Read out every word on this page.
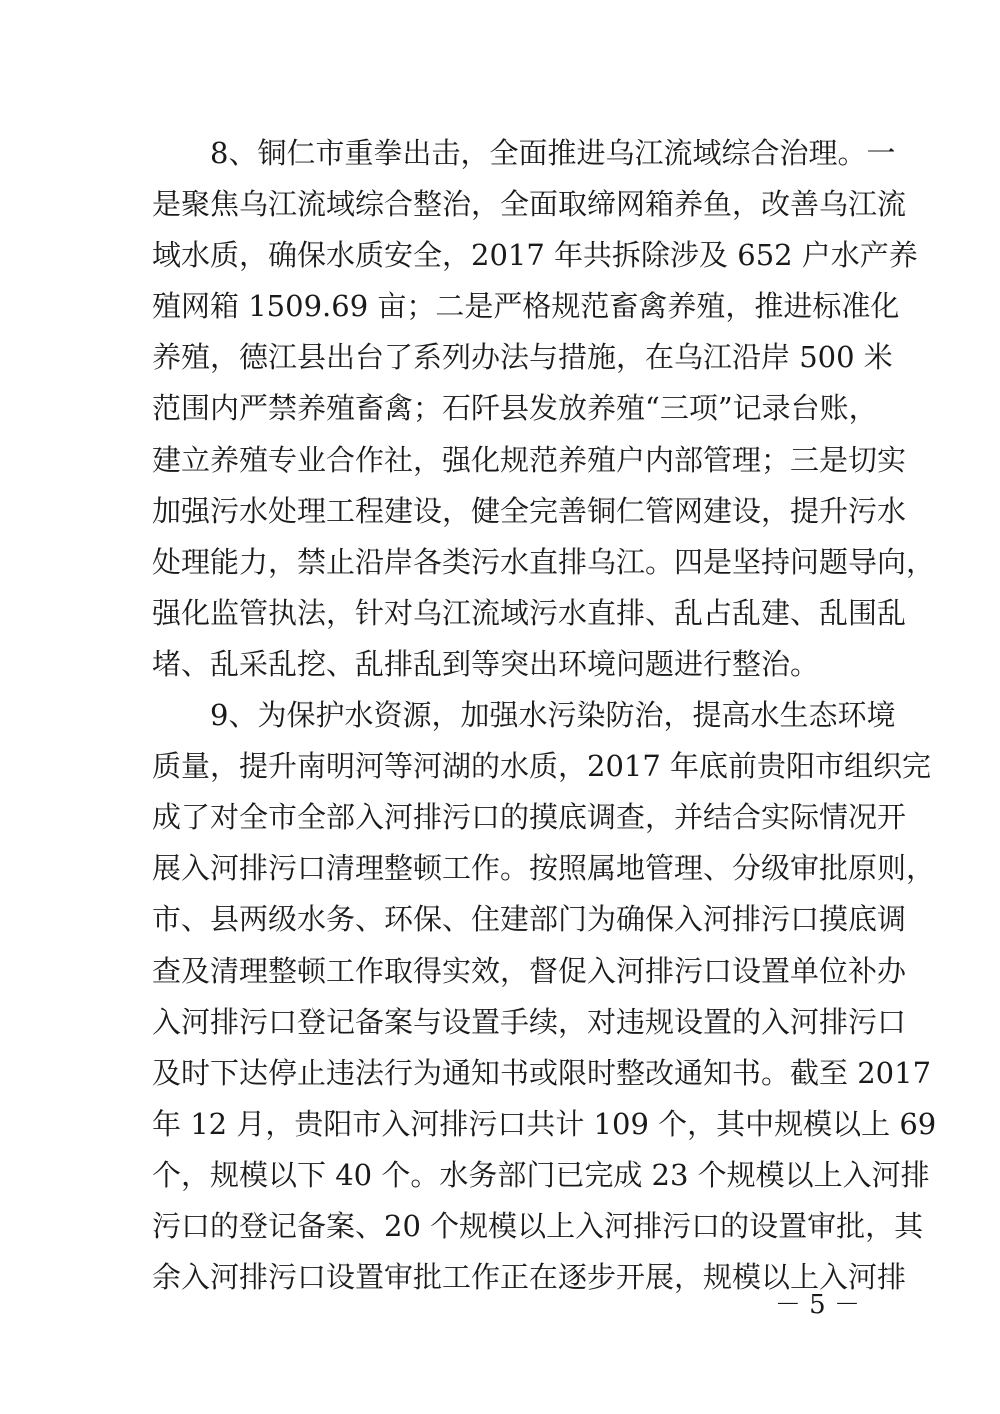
　　8、铜仁市重拳出击，全面推进乌江流域综合治理。一
是聚焦乌江流域综合整治，全面取缔网箱养鱼，改善乌江流
域水质，确保水质安全，2017 年共拆除涉及 652 户水产养
殖网箱 1509.69 亩；二是严格规范畜禽养殖，推进标准化
养殖，德江县出台了系列办法与措施，在乌江沿岸 500 米
范围内严禁养殖畜禽；石阡县发放养殖“三项”记录台账，
建立养殖专业合作社，强化规范养殖户内部管理；三是切实
加强污水处理工程建设，健全完善铜仁管网建设，提升污水
处理能力，禁止沿岸各类污水直排乌江。四是坚持问题导向，
强化监管执法，针对乌江流域污水直排、乱占乱建、乱围乱
堵、乱采乱挖、乱排乱到等突出环境问题进行整治。
　　9、为保护水资源，加强水污染防治，提高水生态环境
质量，提升南明河等河湖的水质，2017 年底前贵阳市组织完
成了对全市全部入河排污口的摸底调查，并结合实际情况开
展入河排污口清理整顿工作。按照属地管理、分级审批原则，
市、县两级水务、环保、住建部门为确保入河排污口摸底调
查及清理整顿工作取得实效，督促入河排污口设置单位补办
入河排污口登记备案与设置手续，对违规设置的入河排污口
及时下达停止违法行为通知书或限时整改通知书。截至 2017
年 12 月，贵阳市入河排污口共计 109 个，其中规模以上 69
个，规模以下 40 个。水务部门已完成 23 个规模以上入河排
污口的登记备案、20 个规模以上入河排污口的设置审批，其
余入河排污口设置审批工作正在逐步开展，规模以上入河排
－ 5 －
